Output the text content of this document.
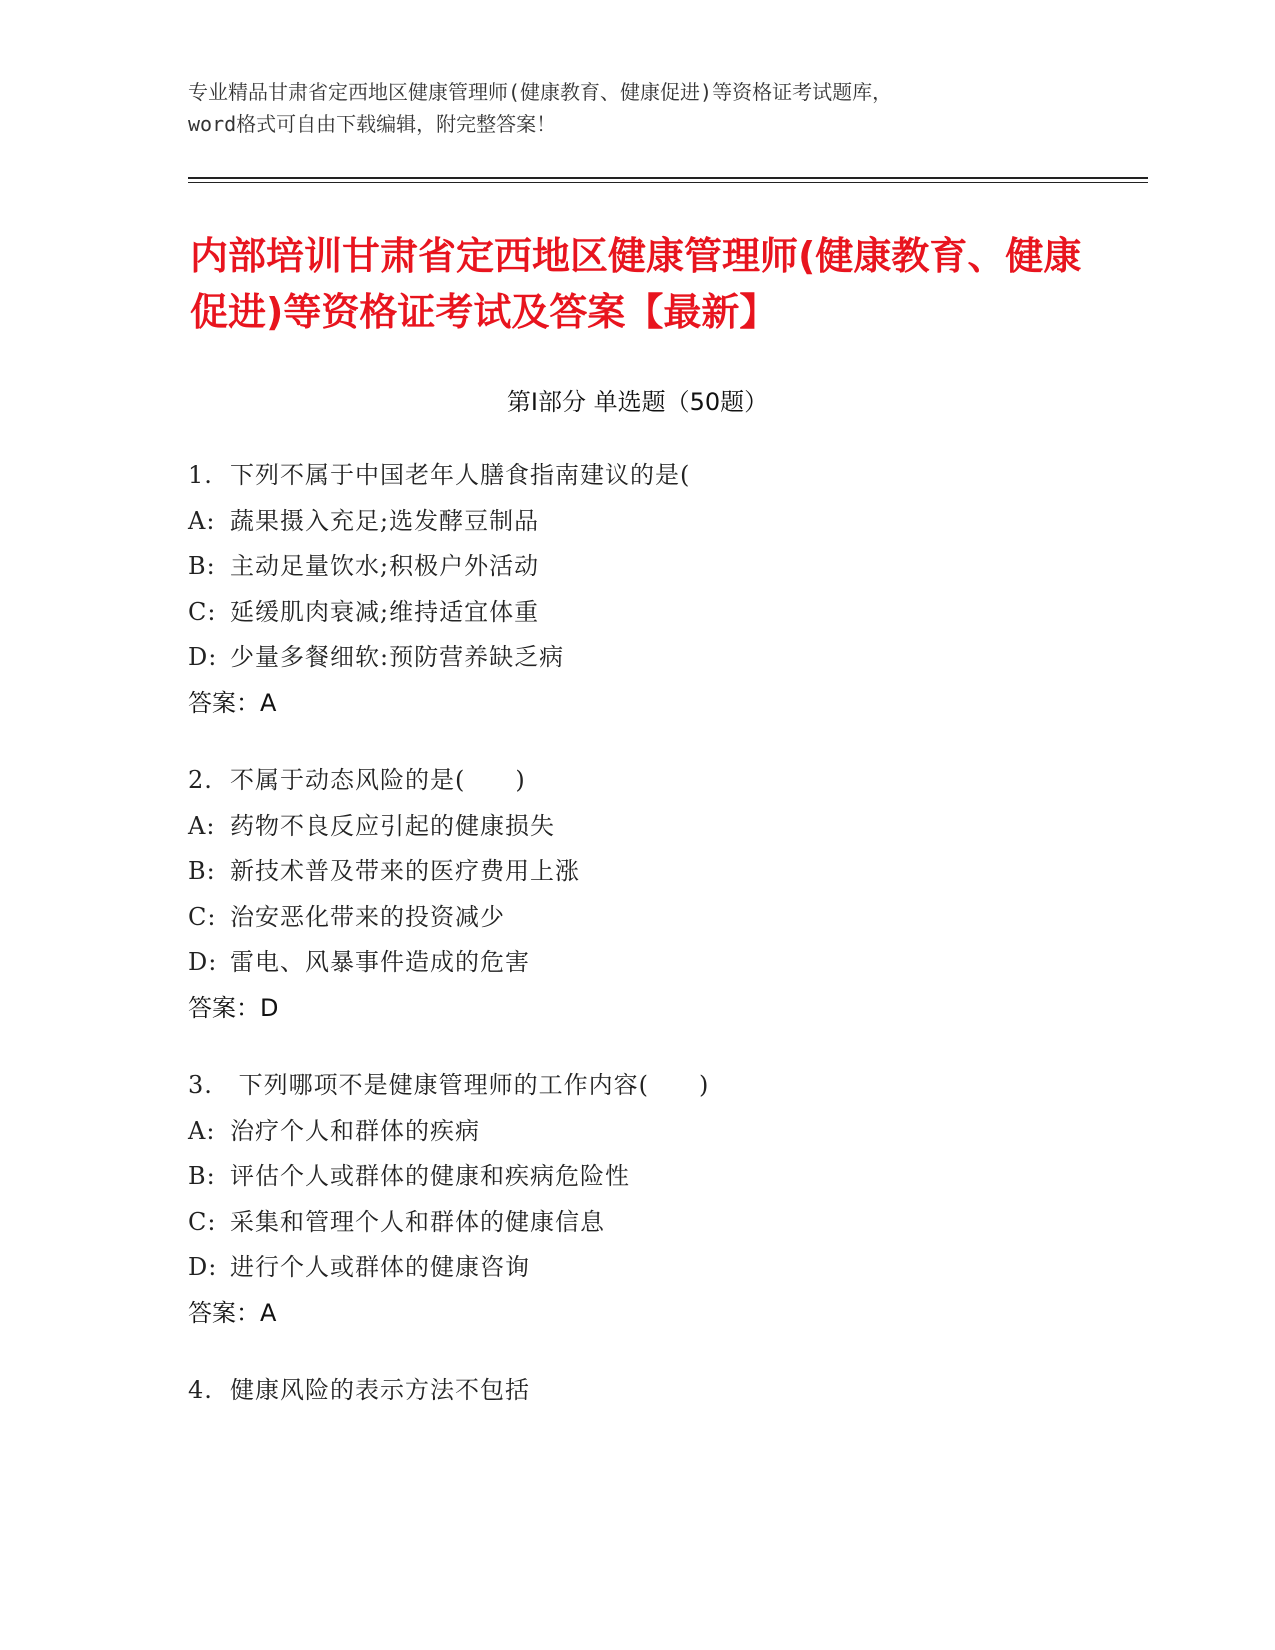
专业精品甘肃省定西地区健康管理师(健康教育、健康促进)等资格证考试题库，
word格式可自由下载编辑，附完整答案！
内部培训甘肃省定西地区健康管理师(健康教育、健康促进)等资格证考试及答案【最新】
第Ⅰ部分 单选题（50题）
1. 下列不属于中国老年人膳食指南建议的是(
A: 蔬果摄入充足;选发酵豆制品
B: 主动足量饮水;积极户外活动
C: 延缓肌肉衰减;维持适宜体重
D: 少量多餐细软:预防营养缺乏病
答案：A
2. 不属于动态风险的是(　　)
A: 药物不良反应引起的健康损失
B: 新技术普及带来的医疗费用上涨
C: 治安恶化带来的投资减少
D: 雷电、风暴事件造成的危害
答案：D
3. 下列哪项不是健康管理师的工作内容(　　)
A: 治疗个人和群体的疾病
B: 评估个人或群体的健康和疾病危险性
C: 采集和管理个人和群体的健康信息
D: 进行个人或群体的健康咨询
答案：A
4. 健康风险的表示方法不包括
